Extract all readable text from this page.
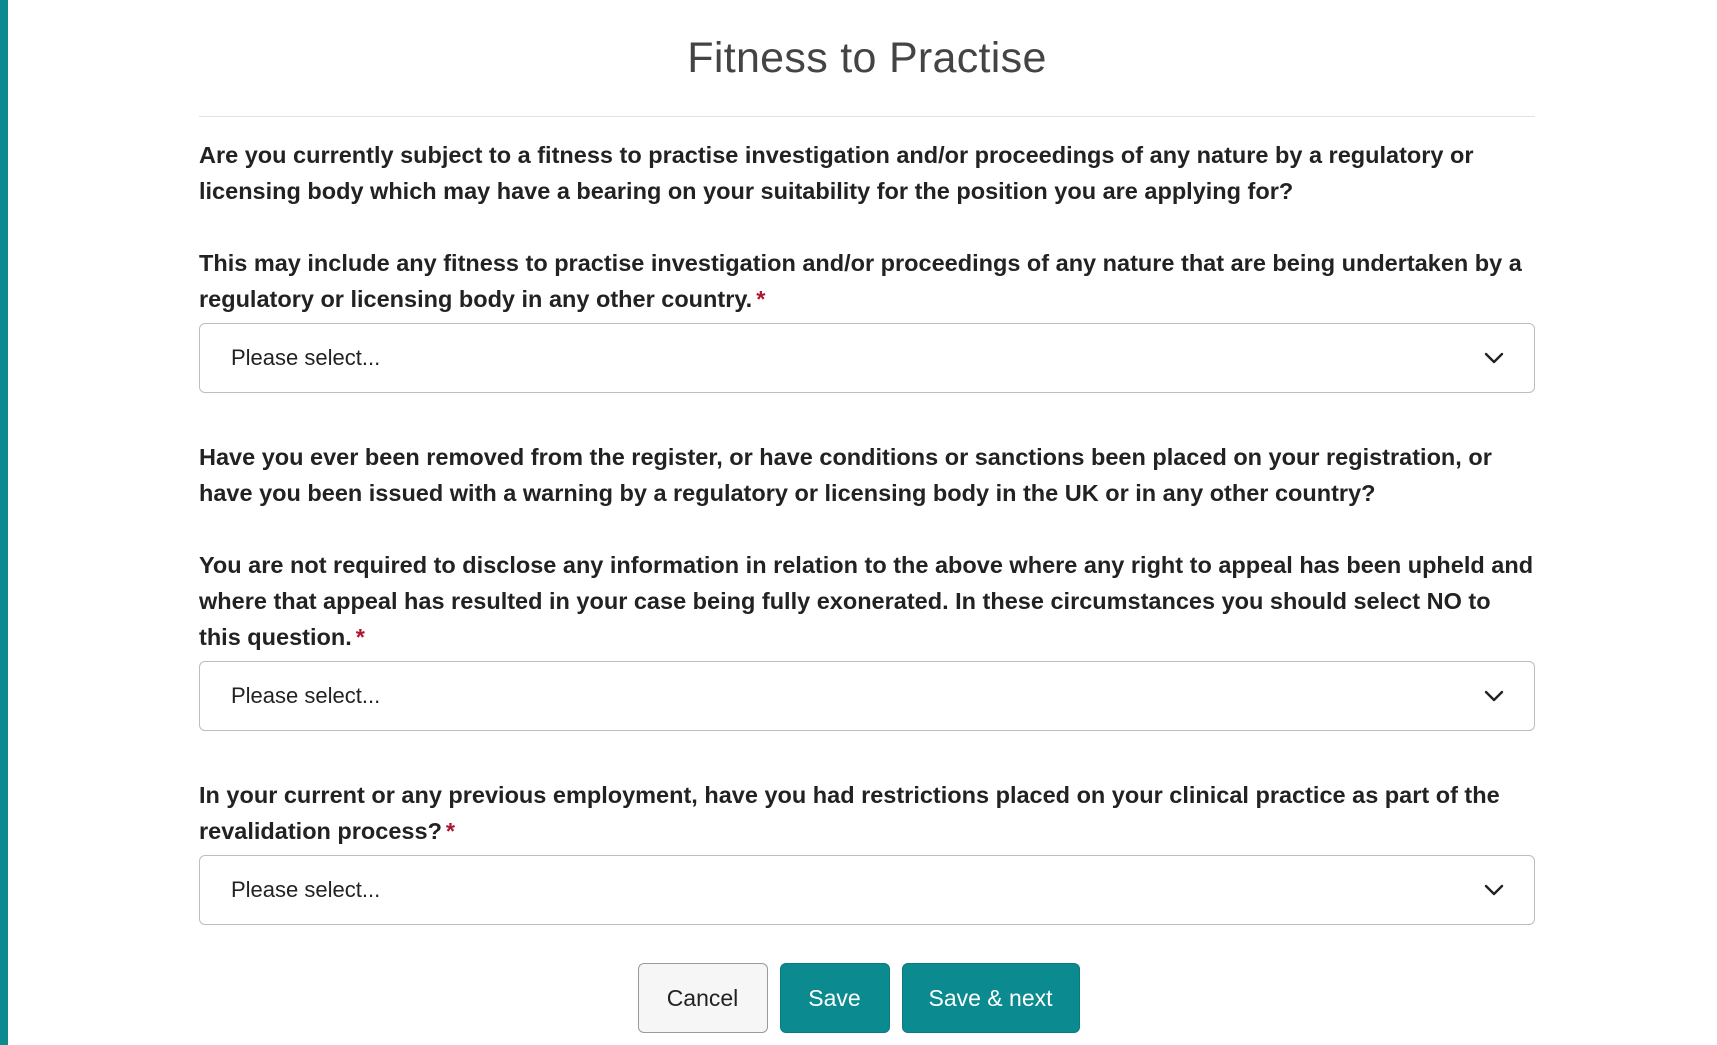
Fitness to Practise

Are you currently subject to a fitness to practise investigation and/or proceedings of any nature by a regulatory or licensing body which may have a bearing on your suitability for the position you are applying for?

This may include any fitness to practise investigation and/or proceedings of any nature that are being undertaken by a regulatory or licensing body in any other country. *

Please select...

Have you ever been removed from the register, or have conditions or sanctions been placed on your registration, or have you been issued with a warning by a regulatory or licensing body in the UK or in any other country?

You are not required to disclose any information in relation to the above where any right to appeal has been upheld and where that appeal has resulted in your case being fully exonerated. In these circumstances you should select NO to this question. *

Please select...

In your current or any previous employment, have you had restrictions placed on your clinical practice as part of the revalidation process? *

Please select...
Cancel	Save	Save & next
